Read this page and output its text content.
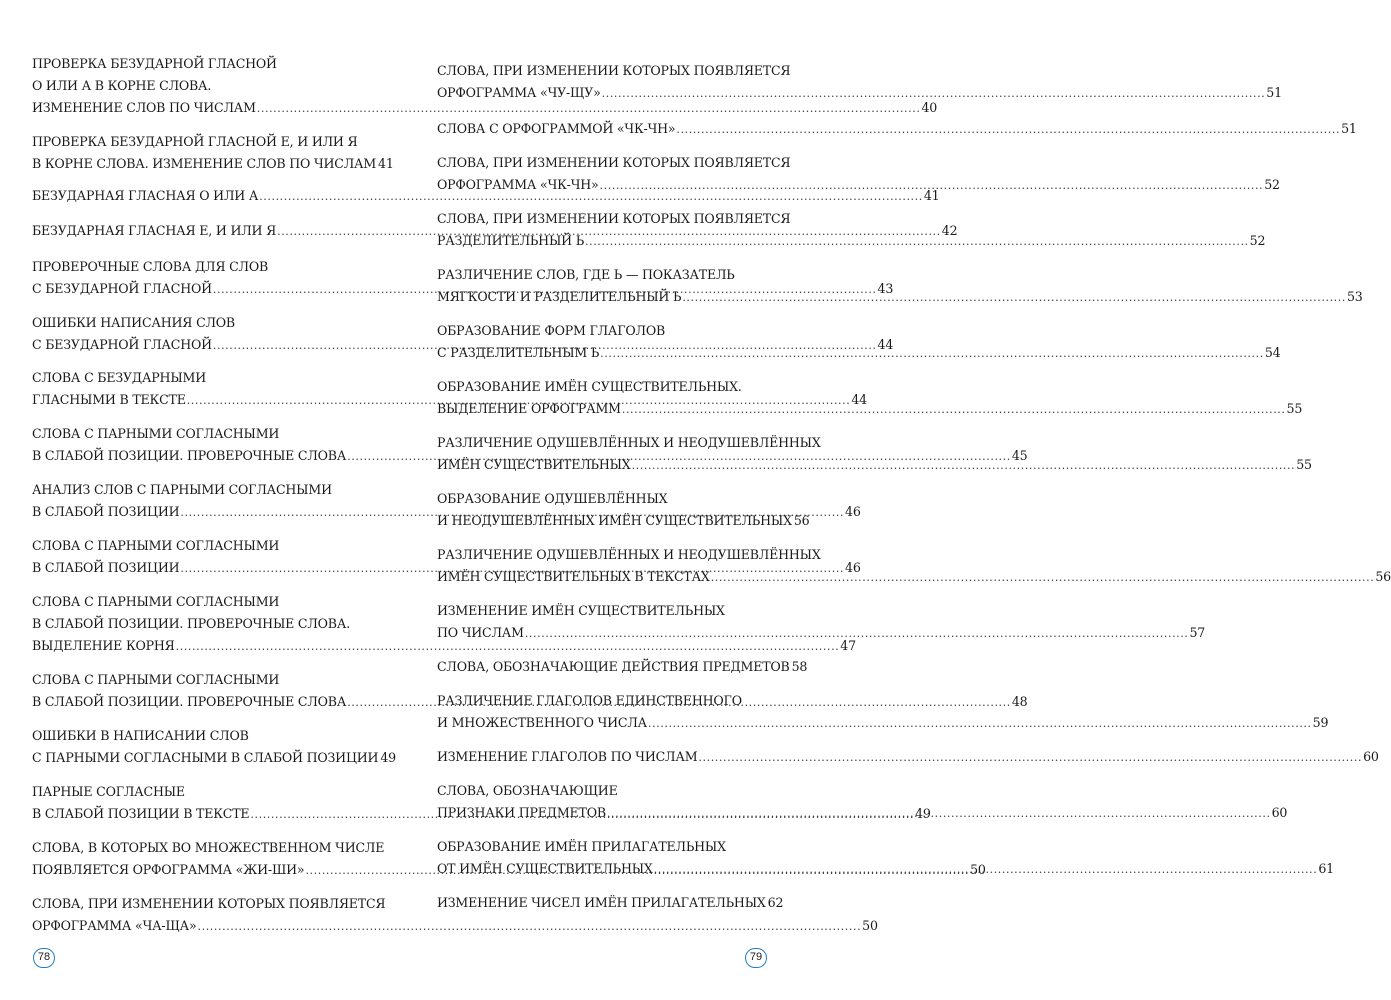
ПРОВЕРКА БЕЗУДАРНОЙ ГЛАСНОЙ
О ИЛИ А В КОРНЕ СЛОВА.
ИЗМЕНЕНИЕ СЛОВ ПО ЧИСЛАМ .....	40
ПРОВЕРКА БЕЗУДАРНОЙ ГЛАСНОЙ Е, И ИЛИ Я
В КОРНЕ СЛОВА. ИЗМЕНЕНИЕ СЛОВ ПО ЧИСЛАМ 41
БЕЗУДАРНАЯ ГЛАСНАЯ О ИЛИ А .....	41
БЕЗУДАРНАЯ ГЛАСНАЯ Е, И ИЛИ Я .....	42
ПРОВЕРОЧНЫЕ СЛОВА ДЛЯ СЛОВ
С БЕЗУДАРНОЙ ГЛАСНОЙ .....	43
ОШИБКИ НАПИСАНИЯ СЛОВ
С БЕЗУДАРНОЙ ГЛАСНОЙ .....	44
СЛОВА С БЕЗУДАРНЫМИ
ГЛАСНЫМИ В ТЕКСТЕ .....	44
СЛОВА С ПАРНЫМИ СОГЛАСНЫМИ
В СЛАБОЙ ПОЗИЦИИ. ПРОВЕРОЧНЫЕ СЛОВА .....	45
АНАЛИЗ СЛОВ С ПАРНЫМИ СОГЛАСНЫМИ
В СЛАБОЙ ПОЗИЦИИ .....	46
СЛОВА С ПАРНЫМИ СОГЛАСНЫМИ
В СЛАБОЙ ПОЗИЦИИ .....	46
СЛОВА С ПАРНЫМИ СОГЛАСНЫМИ
В СЛАБОЙ ПОЗИЦИИ. ПРОВЕРОЧНЫЕ СЛОВА.
ВЫДЕЛЕНИЕ КОРНЯ .....	47
СЛОВА С ПАРНЫМИ СОГЛАСНЫМИ
В СЛАБОЙ ПОЗИЦИИ. ПРОВЕРОЧНЫЕ СЛОВА .....	48
ОШИБКИ В НАПИСАНИИ СЛОВ
С ПАРНЫМИ СОГЛАСНЫМИ В СЛАБОЙ ПОЗИЦИИ 49
ПАРНЫЕ СОГЛАСНЫЕ
В СЛАБОЙ ПОЗИЦИИ В ТЕКСТЕ .....	49
СЛОВА, В КОТОРЫХ ВО МНОЖЕСТВЕННОМ ЧИСЛЕ
ПОЯВЛЯЕТСЯ ОРФОГРАММА «ЖИ-ШИ» .....	50
СЛОВА, ПРИ ИЗМЕНЕНИИ КОТОРЫХ ПОЯВЛЯЕТСЯ
ОРФОГРАММА «ЧА-ЩА» .....	50
СЛОВА, ПРИ ИЗМЕНЕНИИ КОТОРЫХ ПОЯВЛЯЕТСЯ
ОРФОГРАММА «ЧУ-ЩУ» .....	51
СЛОВА С ОРФОГРАММОЙ «ЧК-ЧН» .....	51
СЛОВА, ПРИ ИЗМЕНЕНИИ КОТОРЫХ ПОЯВЛЯЕТСЯ
ОРФОГРАММА «ЧК-ЧН» .....	52
СЛОВА, ПРИ ИЗМЕНЕНИИ КОТОРЫХ ПОЯВЛЯЕТСЯ
РАЗДЕЛИТЕЛЬНЫЙ Ь .....	52
РАЗЛИЧЕНИЕ СЛОВ, ГДЕ Ь — ПОКАЗАТЕЛЬ
МЯГКОСТИ И РАЗДЕЛИТЕЛЬНЫЙ Ь .....	53
ОБРАЗОВАНИЕ ФОРМ ГЛАГОЛОВ
С РАЗДЕЛИТЕЛЬНЫМ Ь .....	54
ОБРАЗОВАНИЕ ИМЁН СУЩЕСТВИТЕЛЬНЫХ.
ВЫДЕЛЕНИЕ ОРФОГРАММ .....	55
РАЗЛИЧЕНИЕ ОДУШЕВЛЁННЫХ И НЕОДУШЕВЛЁННЫХ
ИМЁН СУЩЕСТВИТЕЛЬНЫХ .....	55
ОБРАЗОВАНИЕ ОДУШЕВЛЁННЫХ
И НЕОДУШЕВЛЁННЫХ ИМЁН СУЩЕСТВИТЕЛЬНЫХ 56
РАЗЛИЧЕНИЕ ОДУШЕВЛЁННЫХ И НЕОДУШЕВЛЁННЫХ
ИМЁН СУЩЕСТВИТЕЛЬНЫХ В ТЕКСТАХ .....	56
ИЗМЕНЕНИЕ ИМЁН СУЩЕСТВИТЕЛЬНЫХ
ПО ЧИСЛАМ .....	57
СЛОВА, ОБОЗНАЧАЮЩИЕ ДЕЙСТВИЯ ПРЕДМЕТОВ 58
РАЗЛИЧЕНИЕ ГЛАГОЛОВ ЕДИНСТВЕННОГО
И МНОЖЕСТВЕННОГО ЧИСЛА .....	59
ИЗМЕНЕНИЕ ГЛАГОЛОВ ПО ЧИСЛАМ .....	60
СЛОВА, ОБОЗНАЧАЮЩИЕ
ПРИЗНАКИ ПРЕДМЕТОВ .....	60
ОБРАЗОВАНИЕ ИМЁН ПРИЛАГАТЕЛЬНЫХ
ОТ ИМЁН СУЩЕСТВИТЕЛЬНЫХ .....	61
ИЗМЕНЕНИЕ ЧИСЕЛ ИМЁН ПРИЛАГАТЕЛЬНЫХ 62
78	79
